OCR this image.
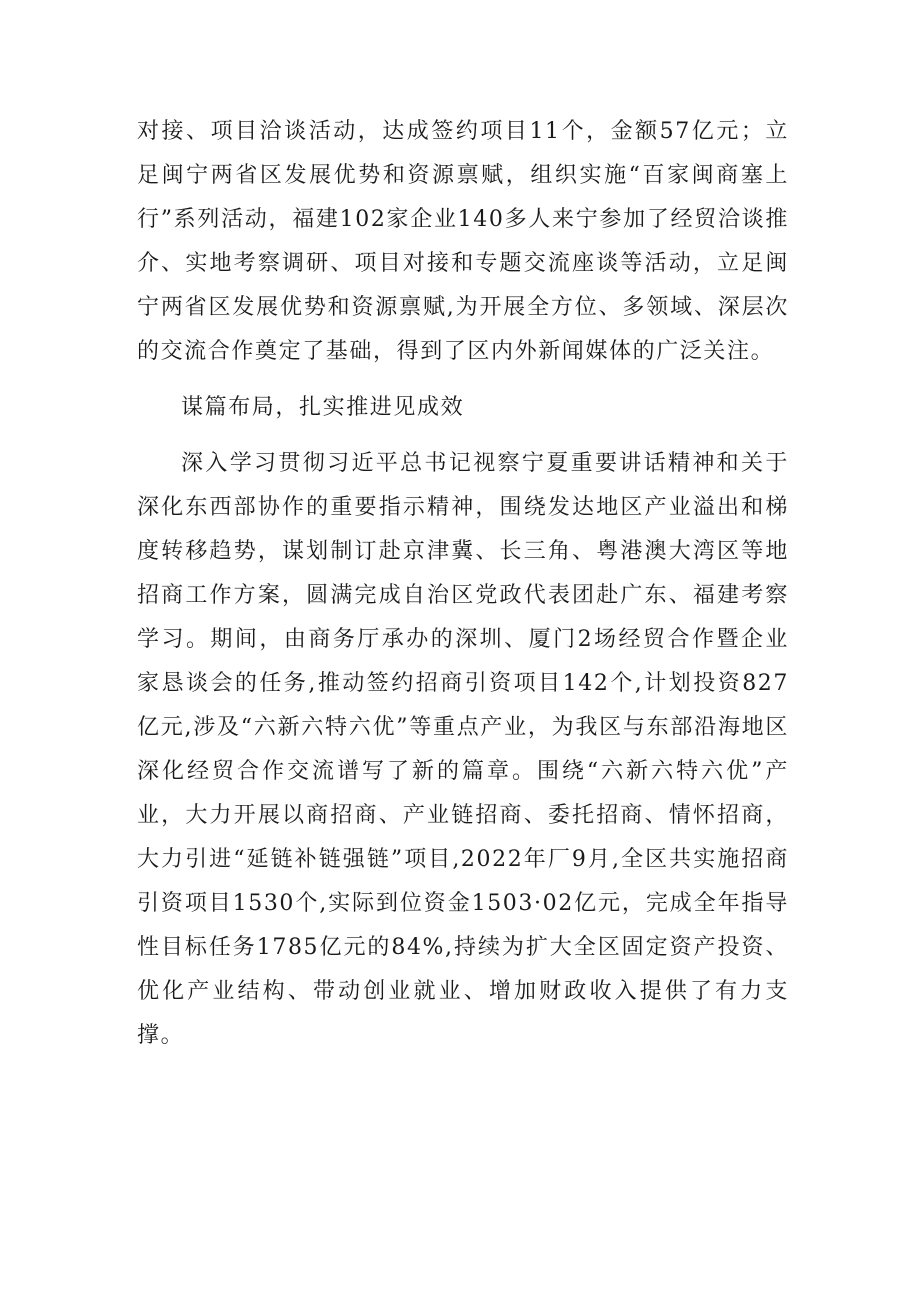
对接、项目洽谈活动，达成签约项目11个，金额57亿元；立足闽宁两省区发展优势和资源禀赋，组织实施“百家闽商塞上行”系列活动，福建102家企业140多人来宁参加了经贸洽谈推介、实地考察调研、项目对接和专题交流座谈等活动，立足闽宁两省区发展优势和资源禀赋,为开展全方位、多领域、深层次的交流合作奠定了基础，得到了区内外新闻媒体的广泛关注。

谋篇布局，扎实推进见成效

深入学习贯彻习近平总书记视察宁夏重要讲话精神和关于深化东西部协作的重要指示精神，围绕发达地区产业溢出和梯度转移趋势，谋划制订赴京津冀、长三角、粤港澳大湾区等地招商工作方案，圆满完成自治区党政代表团赴广东、福建考察学习。期间，由商务厅承办的深圳、厦门2场经贸合作暨企业家恳谈会的任务,推动签约招商引资项目142个,计划投资827亿元,涉及“六新六特六优”等重点产业，为我区与东部沿海地区深化经贸合作交流谱写了新的篇章。围绕“六新六特六优”产业，大力开展以商招商、产业链招商、委托招商、情怀招商，大力引进“延链补链强链”项目,2022年厂9月,全区共实施招商引资项目1530个,实际到位资金1503·02亿元，完成全年指导性目标任务1785亿元的84%,持续为扩大全区固定资产投资、优化产业结构、带动创业就业、增加财政收入提供了有力支撑。
